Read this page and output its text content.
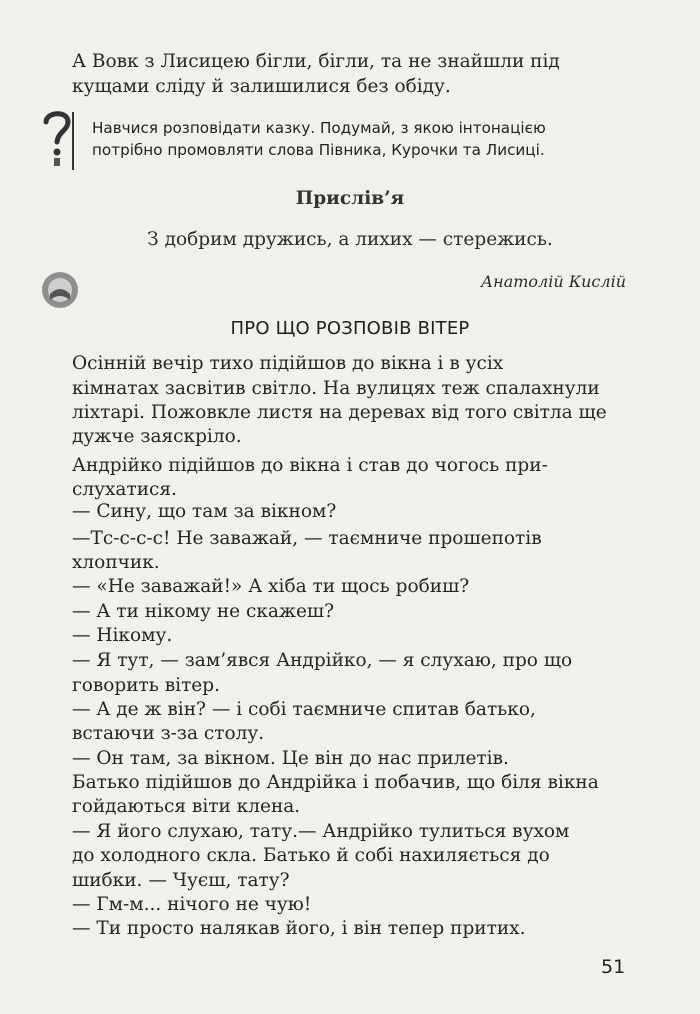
А Вовк з Лисицею бігли, бігли, та не знайшли під
кущами сліду й залишилися без обіду.
Навчися розповідати казку. Подумай, з якою інтонацією
потрібно промовляти слова Півника, Курочки та Лисиці.
Прислів’я
З добрим дружись, а лихих — стережись.
Анатолій Кислій
ПРО ЩО РОЗПОВІВ ВІТЕР
Осінній вечір тихо підійшов до вікна і в усіх
кімнатах засвітив світло. На вулицях теж спалахнули
ліхтарі. Пожовкле листя на деревах від того світла ще
дужче заяскріло.
Андрійко підійшов до вікна і став до чогось при-
слухатися.
— Сину, що там за вікном?
—Тс-с-с-с! Не заважай, — таємниче прошепотів
хлопчик.
— «Не заважай!» А хіба ти щось робиш?
— А ти нікому не скажеш?
— Нікому.
— Я тут, — зам’явся Андрійко, — я слухаю, про що
говорить вітер.
— А де ж він? — і собі таємниче спитав батько,
встаючи з-за столу.
— Он там, за вікном. Це він до нас прилетів.
Батько підійшов до Андрійка і побачив, що біля вікна
гойдаються віти клена.
— Я його слухаю, тату.— Андрійко тулиться вухом
до холодного скла. Батько й собі нахиляється до
шибки. — Чуєш, тату?
— Гм-м... нічого не чую!
— Ти просто налякав його, і він тепер притих.
51
